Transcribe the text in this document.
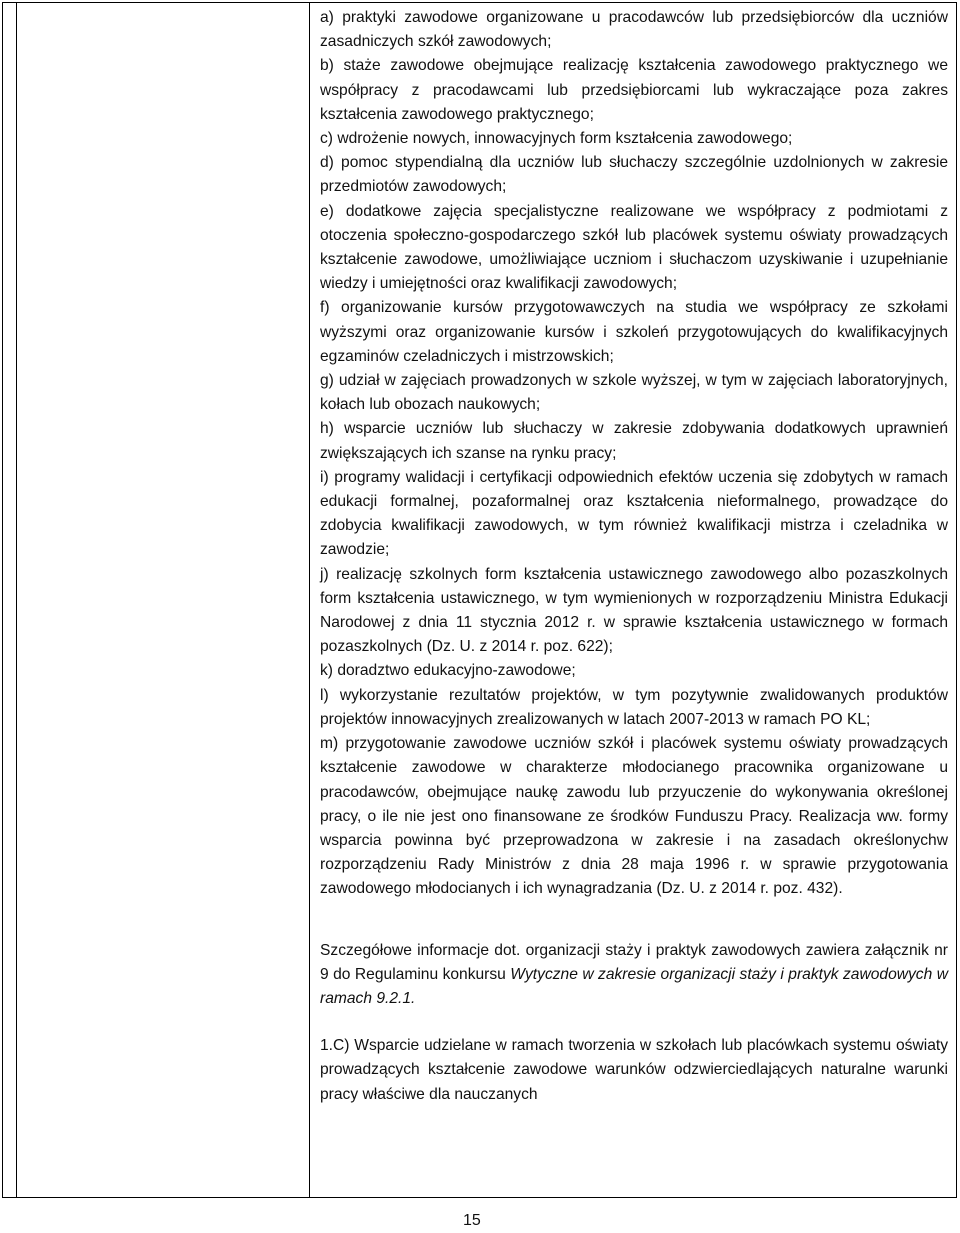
a) praktyki zawodowe organizowane u pracodawców lub przedsiębiorców dla uczniów zasadniczych szkół zawodowych;

b) staże zawodowe obejmujące realizację kształcenia zawodowego praktycznego we współpracy z pracodawcami lub przedsiębiorcami lub wykraczające poza zakres kształcenia zawodowego praktycznego;

c) wdrożenie nowych, innowacyjnych form kształcenia zawodowego;

d) pomoc stypendialną dla uczniów lub słuchaczy szczególnie uzdolnionych w zakresie przedmiotów zawodowych;

e) dodatkowe zajęcia specjalistyczne realizowane we współpracy z podmiotami z otoczenia społeczno-gospodarczego szkół lub placówek systemu oświaty prowadzących kształcenie zawodowe, umożliwiające uczniom i słuchaczom uzyskiwanie i uzupełnianie wiedzy i umiejętności oraz kwalifikacji zawodowych;

f) organizowanie kursów przygotowawczych na studia we współpracy ze szkołami wyższymi oraz organizowanie kursów i szkoleń przygotowujących do kwalifikacyjnych egzaminów czeladniczych i mistrzowskich;

g) udział w zajęciach prowadzonych w szkole wyższej, w tym w zajęciach laboratoryjnych, kołach lub obozach naukowych;

h) wsparcie uczniów lub słuchaczy w zakresie zdobywania dodatkowych uprawnień zwiększających ich szanse na rynku pracy;

i) programy walidacji i certyfikacji odpowiednich efektów uczenia się zdobytych w ramach edukacji formalnej, pozaformalnej oraz kształcenia nieformalnego, prowadzące do zdobycia kwalifikacji zawodowych, w tym również kwalifikacji mistrza i czeladnika w zawodzie;

j) realizację szkolnych form kształcenia ustawicznego zawodowego albo pozaszkolnych form kształcenia ustawicznego, w tym wymienionych w rozporządzeniu Ministra Edukacji Narodowej z dnia 11 stycznia 2012 r. w sprawie kształcenia ustawicznego w formach pozaszkolnych (Dz. U. z 2014 r. poz. 622);

k) doradztwo edukacyjno-zawodowe;

l) wykorzystanie rezultatów projektów, w tym pozytywnie zwalidowanych produktów projektów innowacyjnych zrealizowanych w latach 2007-2013 w ramach PO KL;

m) przygotowanie zawodowe uczniów szkół i placówek systemu oświaty prowadzących kształcenie zawodowe w charakterze młodocianego pracownika organizowane u pracodawców, obejmujące naukę zawodu lub przyuczenie do wykonywania określonej pracy, o ile nie jest ono finansowane ze środków Funduszu Pracy. Realizacja ww. formy wsparcia powinna być przeprowadzona w zakresie i na zasadach określonychw rozporządzeniu Rady Ministrów z dnia 28 maja 1996 r. w sprawie przygotowania zawodowego młodocianych i ich wynagradzania (Dz. U. z 2014 r. poz. 432).

Szczegółowe informacje dot. organizacji staży i praktyk zawodowych zawiera załącznik nr 9 do Regulaminu konkursu Wytyczne w zakresie organizacji staży i praktyk zawodowych w ramach 9.2.1.

1.C) Wsparcie udzielane w ramach tworzenia w szkołach lub placówkach systemu oświaty prowadzących kształcenie zawodowe warunków odzwierciedlających naturalne warunki pracy właściwe dla nauczanych

15
